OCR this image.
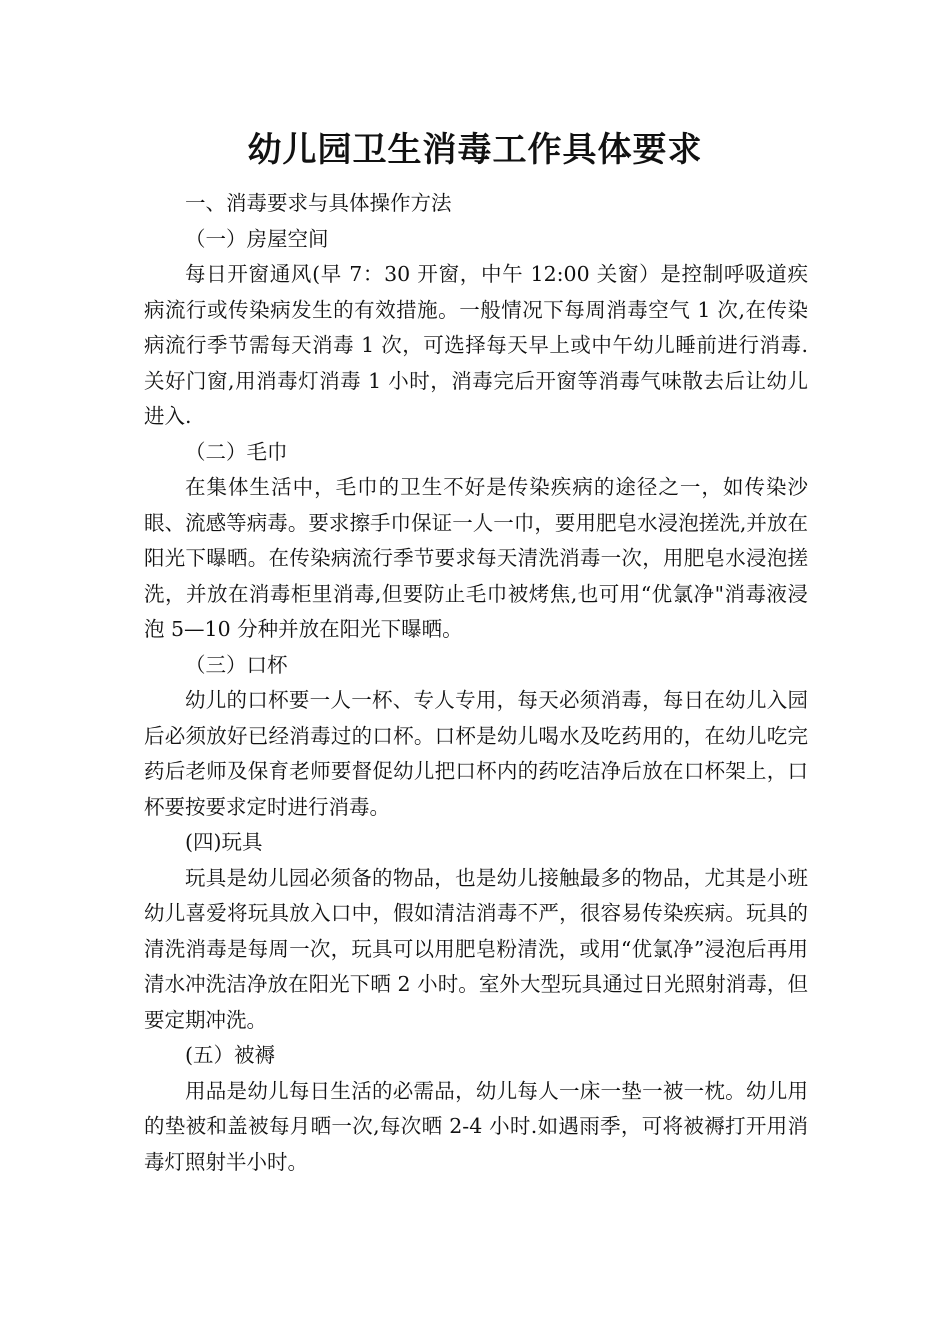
幼儿园卫生消毒工作具体要求

一、消毒要求与具体操作方法

（一）房屋空间

每日开窗通风(早 7：30 开窗，中午 12:00 关窗）是控制呼吸道疾病流行或传染病发生的有效措施。一般情况下每周消毒空气 1 次,在传染病流行季节需每天消毒 1 次，可选择每天早上或中午幼儿睡前进行消毒.关好门窗,用消毒灯消毒 1 小时，消毒完后开窗等消毒气味散去后让幼儿进入.

（二）毛巾

在集体生活中，毛巾的卫生不好是传染疾病的途径之一，如传染沙眼、流感等病毒。要求擦手巾保证一人一巾，要用肥皂水浸泡搓洗,并放在阳光下曝晒。在传染病流行季节要求每天清洗消毒一次，用肥皂水浸泡搓洗，并放在消毒柜里消毒,但要防止毛巾被烤焦,也可用“优氯净"消毒液浸泡 5—10 分种并放在阳光下曝晒。

（三）口杯

幼儿的口杯要一人一杯、专人专用，每天必须消毒，每日在幼儿入园后必须放好已经消毒过的口杯。口杯是幼儿喝水及吃药用的，在幼儿吃完药后老师及保育老师要督促幼儿把口杯内的药吃洁净后放在口杯架上，口杯要按要求定时进行消毒。

(四)玩具

玩具是幼儿园必须备的物品，也是幼儿接触最多的物品，尤其是小班幼儿喜爱将玩具放入口中，假如清洁消毒不严，很容易传染疾病。玩具的清洗消毒是每周一次，玩具可以用肥皂粉清洗，或用“优氯净”浸泡后再用清水冲洗洁净放在阳光下晒 2 小时。室外大型玩具通过日光照射消毒，但要定期冲洗。

(五）被褥

用品是幼儿每日生活的必需品，幼儿每人一床一垫一被一枕。幼儿用的垫被和盖被每月晒一次,每次晒 2-4 小时.如遇雨季，可将被褥打开用消毒灯照射半小时。
